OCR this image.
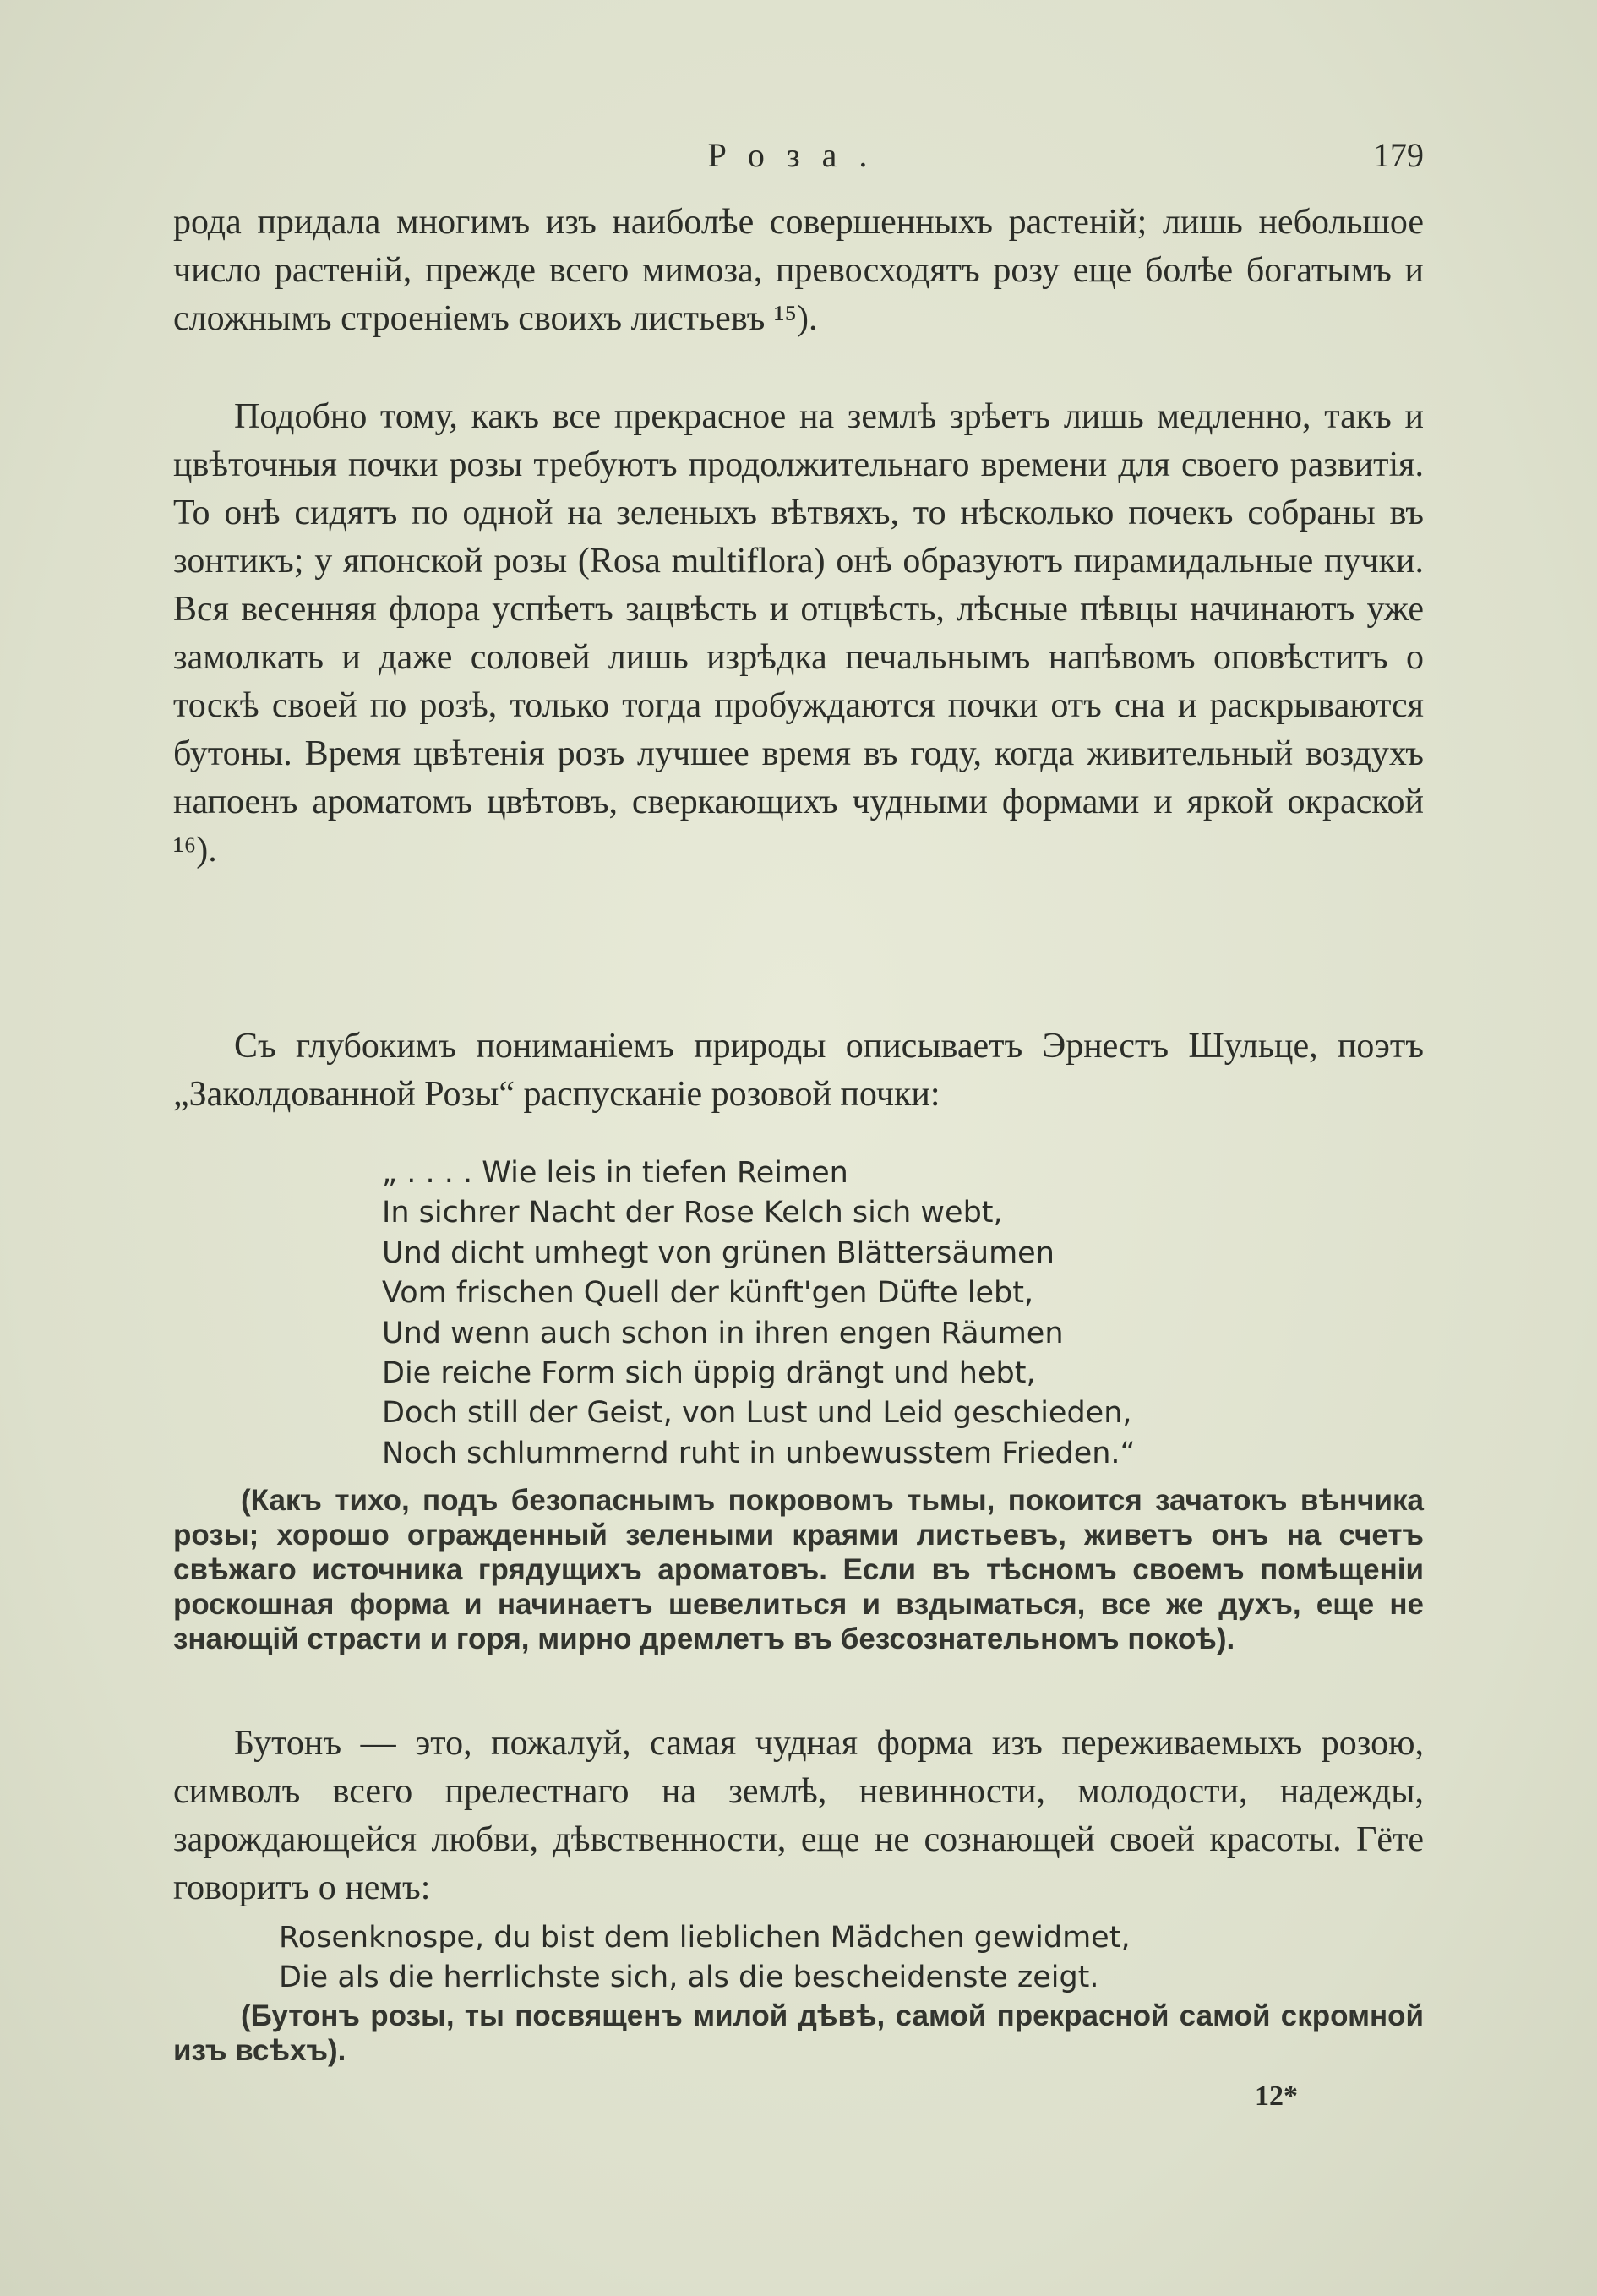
Роза.	179

рода придала многимъ изъ наиболѣе совершенныхъ растеній; лишь небольшое число растеній, прежде всего мимоза, превосходятъ розу еще болѣе богатымъ и сложнымъ строеніемъ своихъ листьевъ ¹⁵).

Подобно тому, какъ все прекрасное на землѣ зрѣетъ лишь медленно, такъ и цвѣточныя почки розы требуютъ продолжительнаго времени для своего развитія. То онѣ сидятъ по одной на зеленыхъ вѣтвяхъ, то нѣсколько почекъ собраны въ зонтикъ; у японской розы (Rosa multiflora) онѣ образуютъ пирамидальные пучки. Вся весенняя флора успѣетъ зацвѣсть и отцвѣсть, лѣсные пѣвцы начинаютъ уже замолкать и даже соловей лишь изрѣдка печальнымъ напѣвомъ оповѣститъ о тоскѣ своей по розѣ, только тогда пробуждаются почки отъ сна и раскрываются бутоны. Время цвѣтенія розъ лучшее время въ году, когда живительный воздухъ напоенъ ароматомъ цвѣтовъ, сверкающихъ чудными формами и яркой окраской ¹⁶).

Съ глубокимъ пониманіемъ природы описываетъ Эрнестъ Шульце, поэтъ „Заколдованной Розы“ распусканіе розовой почки:

„ . . . . Wie leis in tiefen Reimen

In sichrer Nacht der Rose Kelch sich webt,

Und dicht umhegt von grünen Blättersäumen

Vom frischen Quell der künft'gen Düfte lebt,

Und wenn auch schon in ihren engen Räumen

Die reiche Form sich üppig drängt und hebt,

Doch still der Geist, von Lust und Leid geschieden,

Noch schlummernd ruht in unbewusstem Frieden.“

(Какъ тихо, подъ безопаснымъ покровомъ тьмы, покоится зачатокъ вѣнчика розы; хорошо огражденный зелеными краями листьевъ, живетъ онъ на счетъ свѣжаго источника грядущихъ ароматовъ. Если въ тѣсномъ своемъ помѣщеніи роскошная форма и начинаетъ шевелиться и вздыматься, все же духъ, еще не знающій страсти и горя, мирно дремлетъ въ безсознательномъ покоѣ).

Бутонъ — это, пожалуй, самая чудная форма изъ переживаемыхъ розою, символъ всего прелестнаго на землѣ, невинности, молодости, надежды, зарождающейся любви, дѣвственности, еще не сознающей своей красоты. Гёте говоритъ о немъ:

Rosenknospe, du bist dem lieblichen Mädchen gewidmet,

Die als die herrlichste sich, als die bescheidenste zeigt.

(Бутонъ розы, ты посвященъ милой дѣвѣ, самой прекрасной самой скромной изъ всѣхъ).

12*
